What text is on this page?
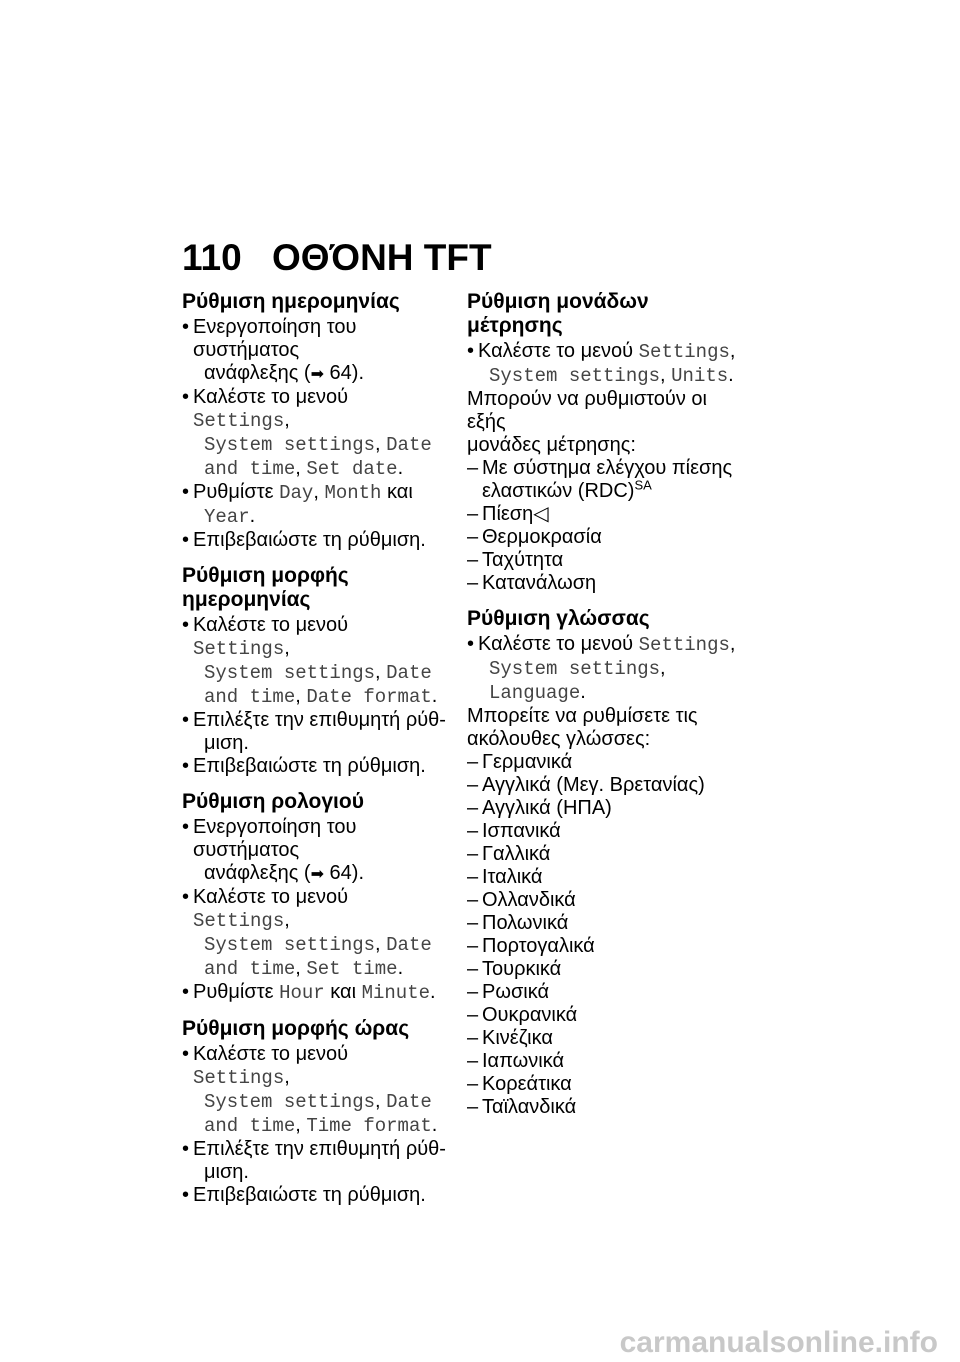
110 ΟΘΌΝΗ TFT
Ρύθμιση ημερομηνίας
• Ενεργοποίηση του συστήματος
ανάφλεξης (➡ 64).
• Καλέστε το μενού Settings,
System settings, Date
and time, Set date.
• Ρυθμίστε Day, Month και
Year.
• Επιβεβαιώστε τη ρύθμιση.
Ρύθμιση μορφής
ημερομηνίας
• Καλέστε το μενού Settings,
System settings, Date
and time, Date format.
• Επιλέξτε την επιθυμητή ρύθ-
μιση.
• Επιβεβαιώστε τη ρύθμιση.
Ρύθμιση ρολογιού
• Ενεργοποίηση του συστήματος
ανάφλεξης (➡ 64).
• Καλέστε το μενού Settings,
System settings, Date
and time, Set time.
• Ρυθμίστε Hour και Minute.
Ρύθμιση μορφής ώρας
• Καλέστε το μενού Settings,
System settings, Date
and time, Time format.
• Επιλέξτε την επιθυμητή ρύθ-
μιση.
• Επιβεβαιώστε τη ρύθμιση.
Ρύθμιση μονάδων μέτρησης
• Καλέστε το μενού Settings,
System settings, Units.

Μπορούν να ρυθμιστούν οι εξής
μονάδες μέτρησης:

– Με σύστημα ελέγχου πίεσης
ελαστικών (RDC)$^{SA}$
– Πίεση◁
– Θερμοκρασία
– Ταχύτητα
– Κατανάλωση
Ρύθμιση γλώσσας
• Καλέστε το μενού Settings,
System settings,
Language.

Μπορείτε να ρυθμίσετε τις
ακόλουθες γλώσσες:

– Γερμανικά
– Αγγλικά (Μεγ. Βρετανίας)
– Αγγλικά (ΗΠΑ)
– Ισπανικά
– Γαλλικά
– Ιταλικά
– Ολλανδικά
– Πολωνικά
– Πορτογαλικά
– Τουρκικά
– Ρωσικά
– Ουκρανικά
– Κινέζικα
– Ιαπωνικά
– Κορεάτικα
– Ταϊλανδικά
carmanualsonline.info
